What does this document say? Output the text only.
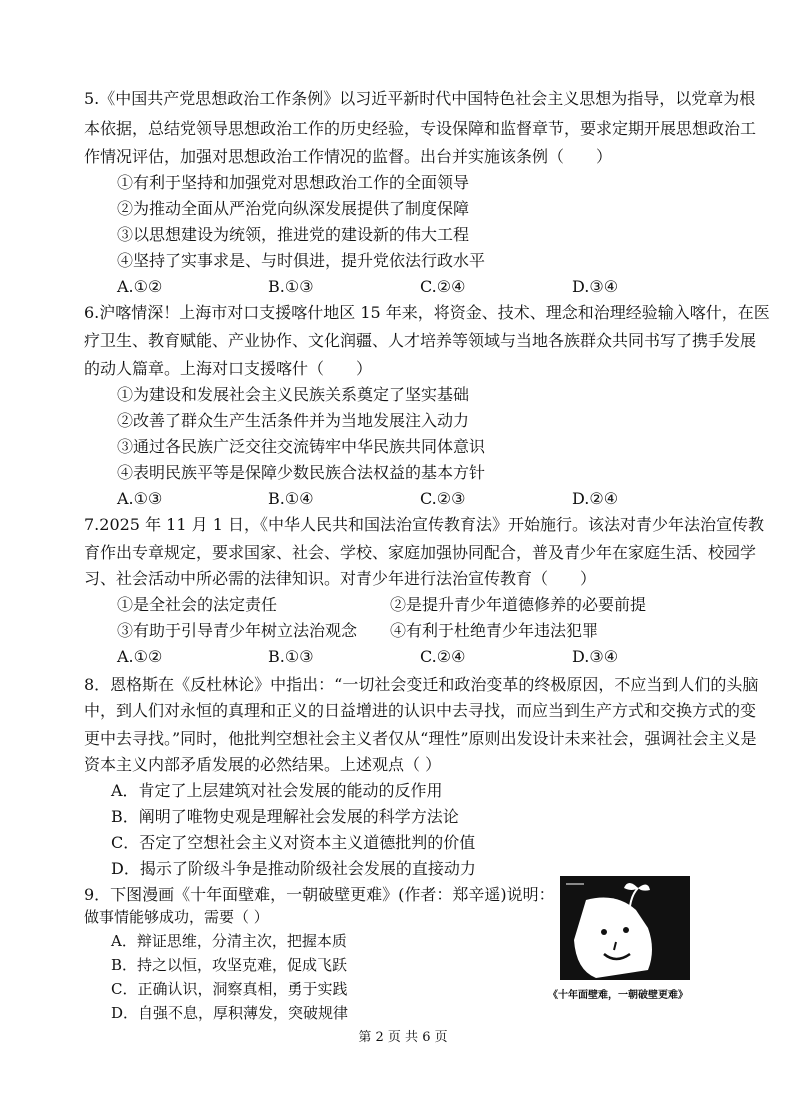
5.《中国共产党思想政治工作条例》以习近平新时代中国特色社会主义思想为指导，以党章为根
本依据，总结党领导思想政治工作的历史经验，专设保障和监督章节，要求定期开展思想政治工
作情况评估，加强对思想政治工作情况的监督。出台并实施该条例（　　）
①有利于坚持和加强党对思想政治工作的全面领导
②为推动全面从严治党向纵深发展提供了制度保障
③以思想建设为统领，推进党的建设新的伟大工程
④坚持了实事求是、与时俱进，提升党依法行政水平
A.①②	B.①③	C.②④	D.③④
6.沪喀情深！上海市对口支援喀什地区 15 年来，将资金、技术、理念和治理经验输入喀什，在医
疗卫生、教育赋能、产业协作、文化润疆、人才培养等领域与当地各族群众共同书写了携手发展
的动人篇章。上海对口支援喀什（　　）
①为建设和发展社会主义民族关系奠定了坚实基础
②改善了群众生产生活条件并为当地发展注入动力
③通过各民族广泛交往交流铸牢中华民族共同体意识
④表明民族平等是保障少数民族合法权益的基本方针
A.①③	B.①④	C.②③	D.②④
7.2025 年 11 月 1 日，《中华人民共和国法治宣传教育法》开始施行。该法对青少年法治宣传教
育作出专章规定，要求国家、社会、学校、家庭加强协同配合，普及青少年在家庭生活、校园学
习、社会活动中所必需的法律知识。对青少年进行法治宣传教育（　　）
①是全社会的法定责任	②是提升青少年道德修养的必要前提
③有助于引导青少年树立法治观念 ④有利于杜绝青少年违法犯罪
A.①②	B.①③	C.②④	D.③④
8．恩格斯在《反杜林论》中指出：“一切社会变迁和政治变革的终极原因，不应当到人们的头脑
中，到人们对永恒的真理和正义的日益增进的认识中去寻找，而应当到生产方式和交换方式的变
更中去寻找。”同时，他批判空想社会主义者仅从“理性”原则出发设计未来社会，强调社会主义是
资本主义内部矛盾发展的必然结果。上述观点（ ）
A．肯定了上层建筑对社会发展的能动的反作用
B．阐明了唯物史观是理解社会发展的科学方法论
C．否定了空想社会主义对资本主义道德批判的价值
D．揭示了阶级斗争是推动阶级社会发展的直接动力
9．下图漫画《十年面壁难，一朝破壁更难》(作者：郑辛遥)说明：
做事情能够成功，需要（ ）
A．辩证思维，分清主次，把握本质
B．持之以恒，攻坚克难，促成飞跃
C．正确认识，洞察真相，勇于实践
D．自强不息，厚积薄发，突破规律
《十年面壁难，一朝破壁更难》
第 2 页 共 6 页
